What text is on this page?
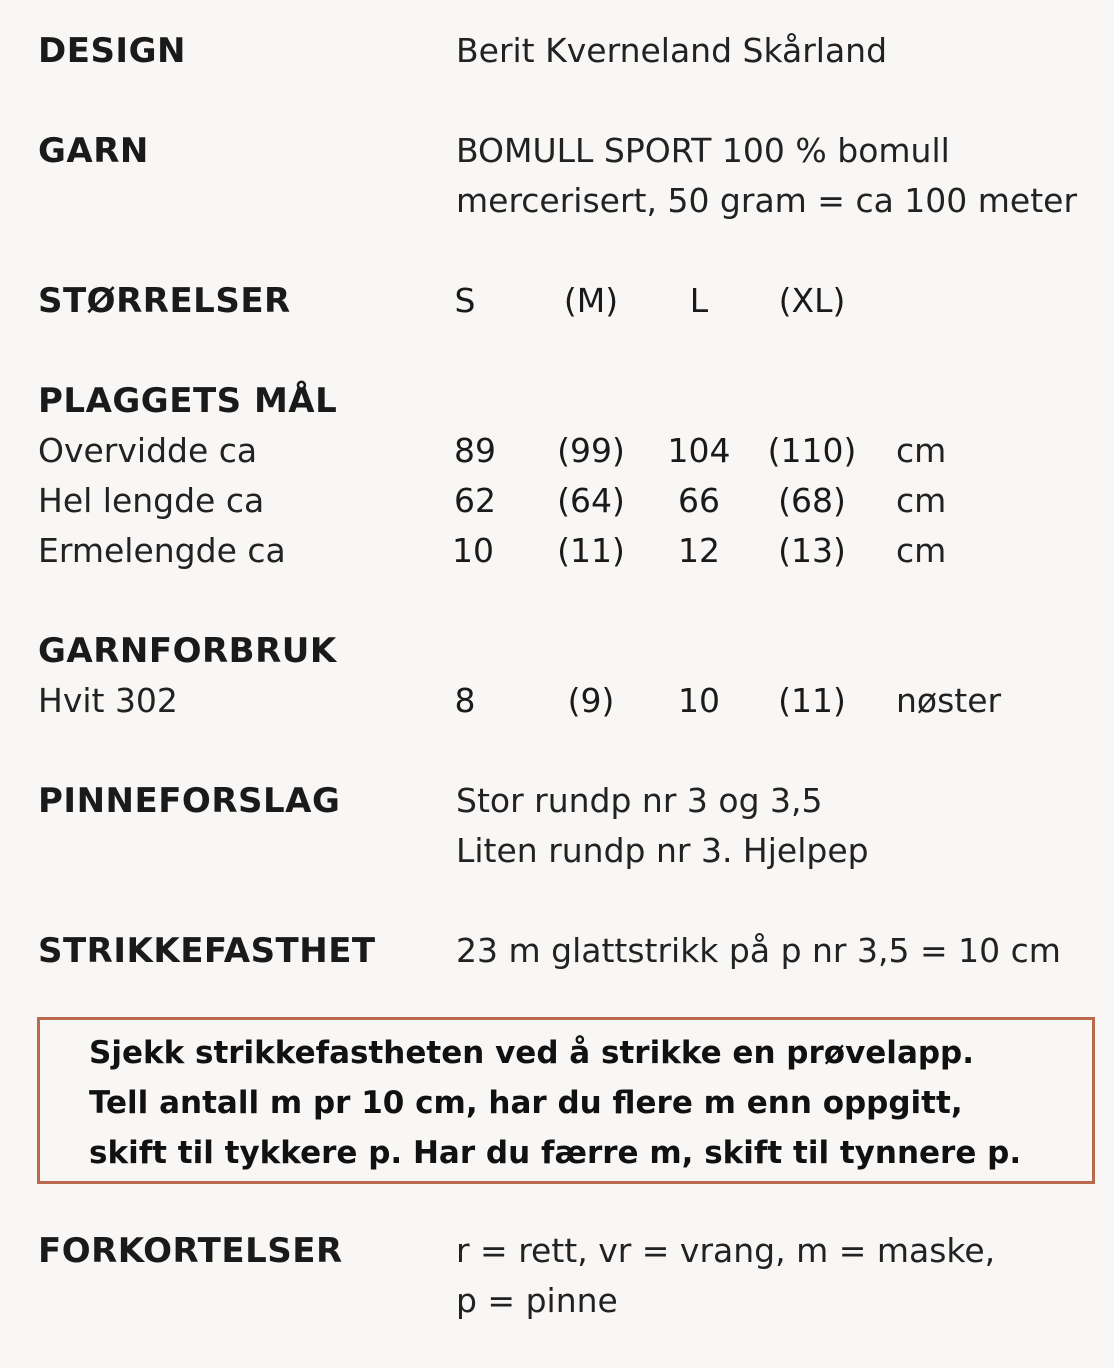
DESIGN	Berit Kverneland Skårland
GARN	BOMULL SPORT 100 % bomull
mercerisert, 50 gram = ca 100 meter
STØRRELSER	S	(M)	L	(XL)
PLAGGETS MÅL
Overvidde ca	89	(99)	104	(110) cm
Hel lengde ca	62	(64)	66	(68)	cm
Ermelengde ca	10	(11)	12	(13)	cm
GARNFORBRUK
Hvit 302	8	(9)	10	(11)	nøster
PINNEFORSLAG	Stor rundp nr 3 og 3,5
Liten rundp nr 3. Hjelpep
STRIKKEFASTHET 23 m glattstrikk på p nr 3,5 = 10 cm
Sjekk strikkefastheten ved å strikke en prøvelapp.
Tell antall m pr 10 cm, har du flere m enn oppgitt,
skift til tykkere p. Har du færre m, skift til tynnere p.
FORKORTELSER	r = rett, vr = vrang, m = maske,
p = pinne
